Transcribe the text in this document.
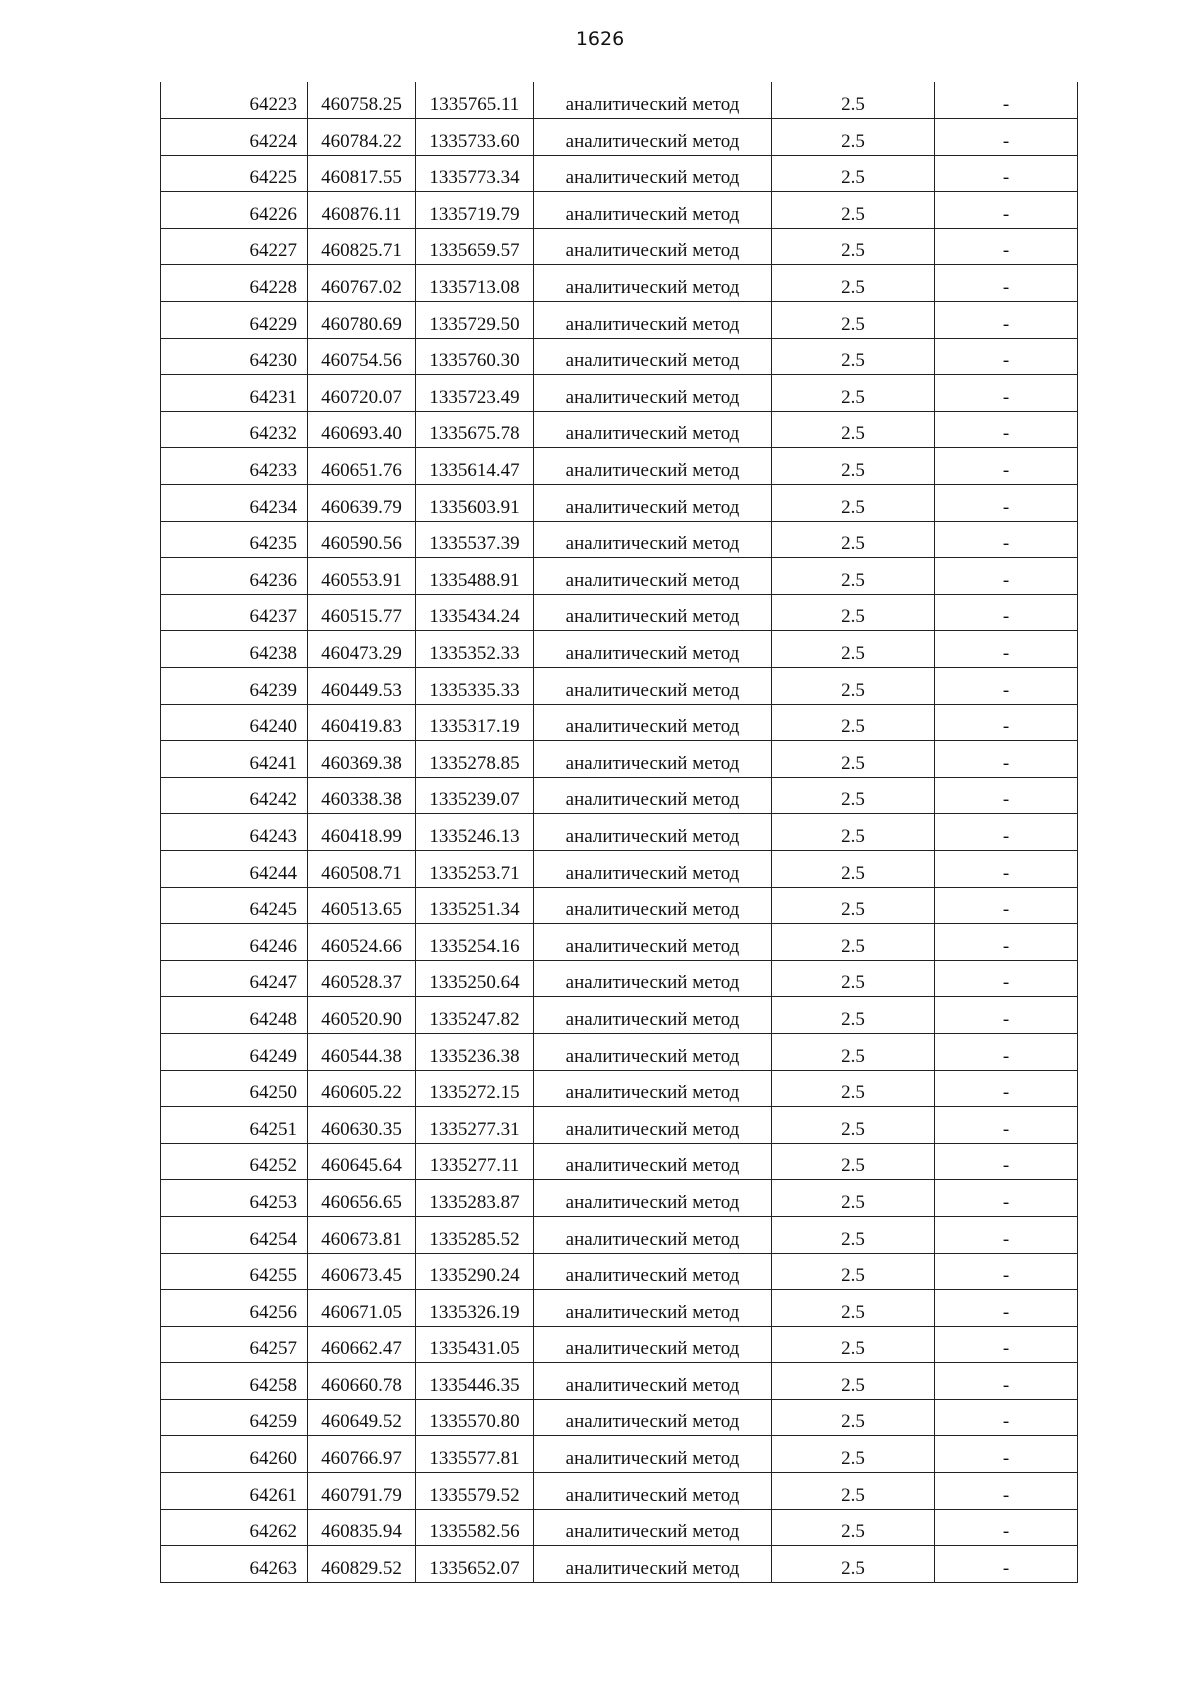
1626
64223	460758.25	1335765.11	аналитический метод	2.5	-
64224	460784.22	1335733.60	аналитический метод	2.5	-
64225	460817.55	1335773.34	аналитический метод	2.5	-
64226	460876.11	1335719.79	аналитический метод	2.5	-
64227	460825.71	1335659.57	аналитический метод	2.5	-
64228	460767.02	1335713.08	аналитический метод	2.5	-
64229	460780.69	1335729.50	аналитический метод	2.5	-
64230	460754.56	1335760.30	аналитический метод	2.5	-
64231	460720.07	1335723.49	аналитический метод	2.5	-
64232	460693.40	1335675.78	аналитический метод	2.5	-
64233	460651.76	1335614.47	аналитический метод	2.5	-
64234	460639.79	1335603.91	аналитический метод	2.5	-
64235	460590.56	1335537.39	аналитический метод	2.5	-
64236	460553.91	1335488.91	аналитический метод	2.5	-
64237	460515.77	1335434.24	аналитический метод	2.5	-
64238	460473.29	1335352.33	аналитический метод	2.5	-
64239	460449.53	1335335.33	аналитический метод	2.5	-
64240	460419.83	1335317.19	аналитический метод	2.5	-
64241	460369.38	1335278.85	аналитический метод	2.5	-
64242	460338.38	1335239.07	аналитический метод	2.5	-
64243	460418.99	1335246.13	аналитический метод	2.5	-
64244	460508.71	1335253.71	аналитический метод	2.5	-
64245	460513.65	1335251.34	аналитический метод	2.5	-
64246	460524.66	1335254.16	аналитический метод	2.5	-
64247	460528.37	1335250.64	аналитический метод	2.5	-
64248	460520.90	1335247.82	аналитический метод	2.5	-
64249	460544.38	1335236.38	аналитический метод	2.5	-
64250	460605.22	1335272.15	аналитический метод	2.5	-
64251	460630.35	1335277.31	аналитический метод	2.5	-
64252	460645.64	1335277.11	аналитический метод	2.5	-
64253	460656.65	1335283.87	аналитический метод	2.5	-
64254	460673.81	1335285.52	аналитический метод	2.5	-
64255	460673.45	1335290.24	аналитический метод	2.5	-
64256	460671.05	1335326.19	аналитический метод	2.5	-
64257	460662.47	1335431.05	аналитический метод	2.5	-
64258	460660.78	1335446.35	аналитический метод	2.5	-
64259	460649.52	1335570.80	аналитический метод	2.5	-
64260	460766.97	1335577.81	аналитический метод	2.5	-
64261	460791.79	1335579.52	аналитический метод	2.5	-
64262	460835.94	1335582.56	аналитический метод	2.5	-
64263	460829.52	1335652.07	аналитический метод	2.5	-
